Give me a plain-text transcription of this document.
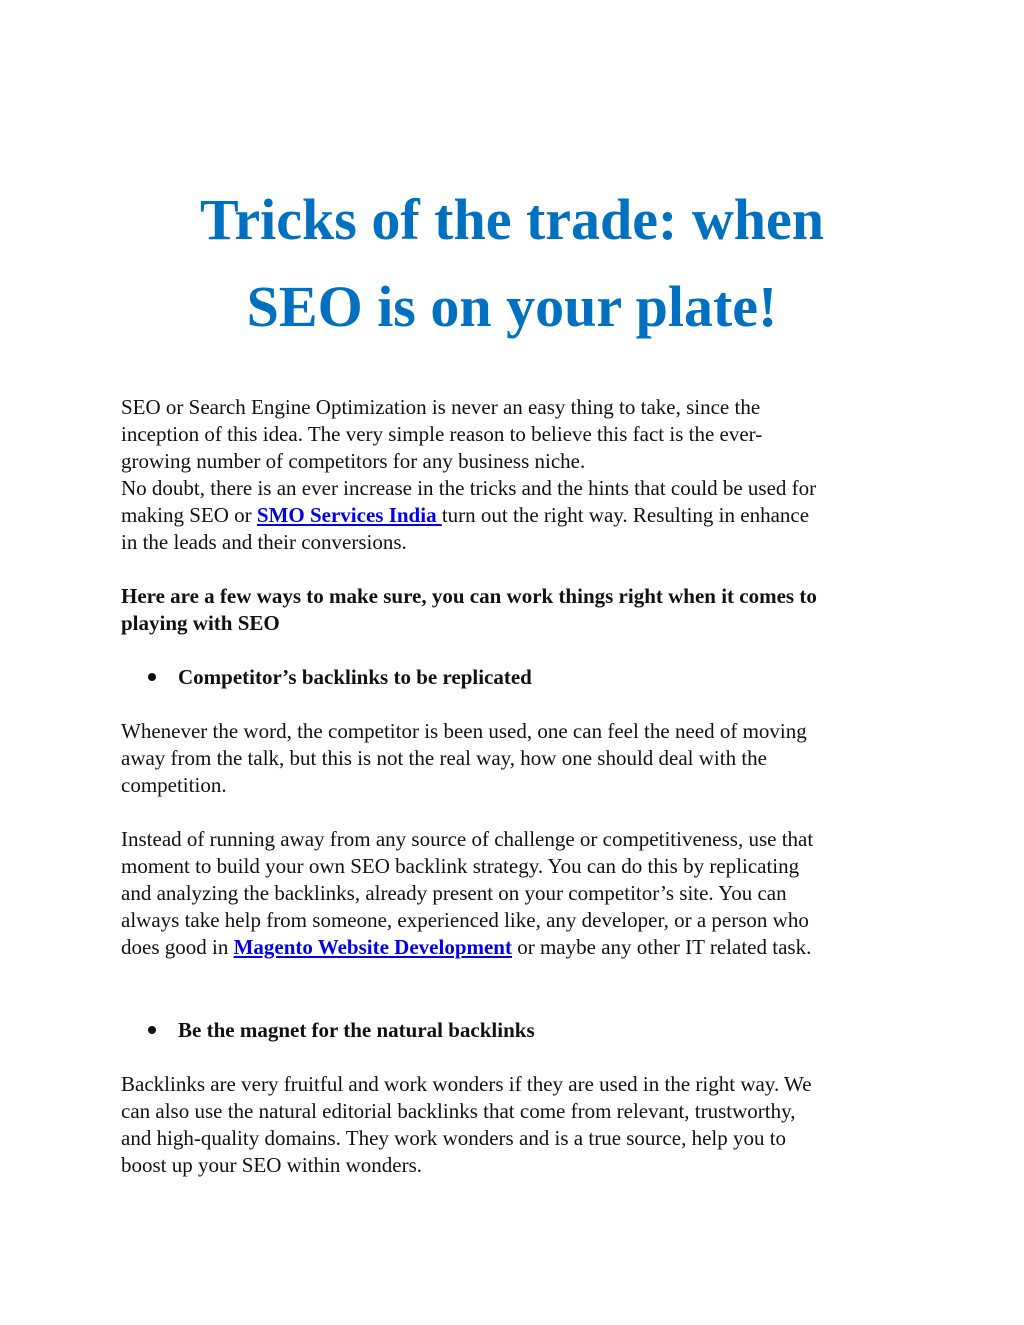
Tricks of the trade: when
SEO is on your plate!

SEO or Search Engine Optimization is never an easy thing to take, since the
inception of this idea. The very simple reason to believe this fact is the ever-
growing number of competitors for any business niche.
No doubt, there is an ever increase in the tricks and the hints that could be used for
making SEO or SMO Services India turn out the right way. Resulting in enhance
in the leads and their conversions.

Here are a few ways to make sure, you can work things right when it comes to
playing with SEO

Competitor’s backlinks to be replicated

Whenever the word, the competitor is been used, one can feel the need of moving
away from the talk, but this is not the real way, how one should deal with the
competition.

Instead of running away from any source of challenge or competitiveness, use that
moment to build your own SEO backlink strategy. You can do this by replicating
and analyzing the backlinks, already present on your competitor’s site. You can
always take help from someone, experienced like, any developer, or a person who
does good in Magento Website Development or maybe any other IT related task.

Be the magnet for the natural backlinks

Backlinks are very fruitful and work wonders if they are used in the right way. We
can also use the natural editorial backlinks that come from relevant, trustworthy,
and high-quality domains. They work wonders and is a true source, help you to
boost up your SEO within wonders.
